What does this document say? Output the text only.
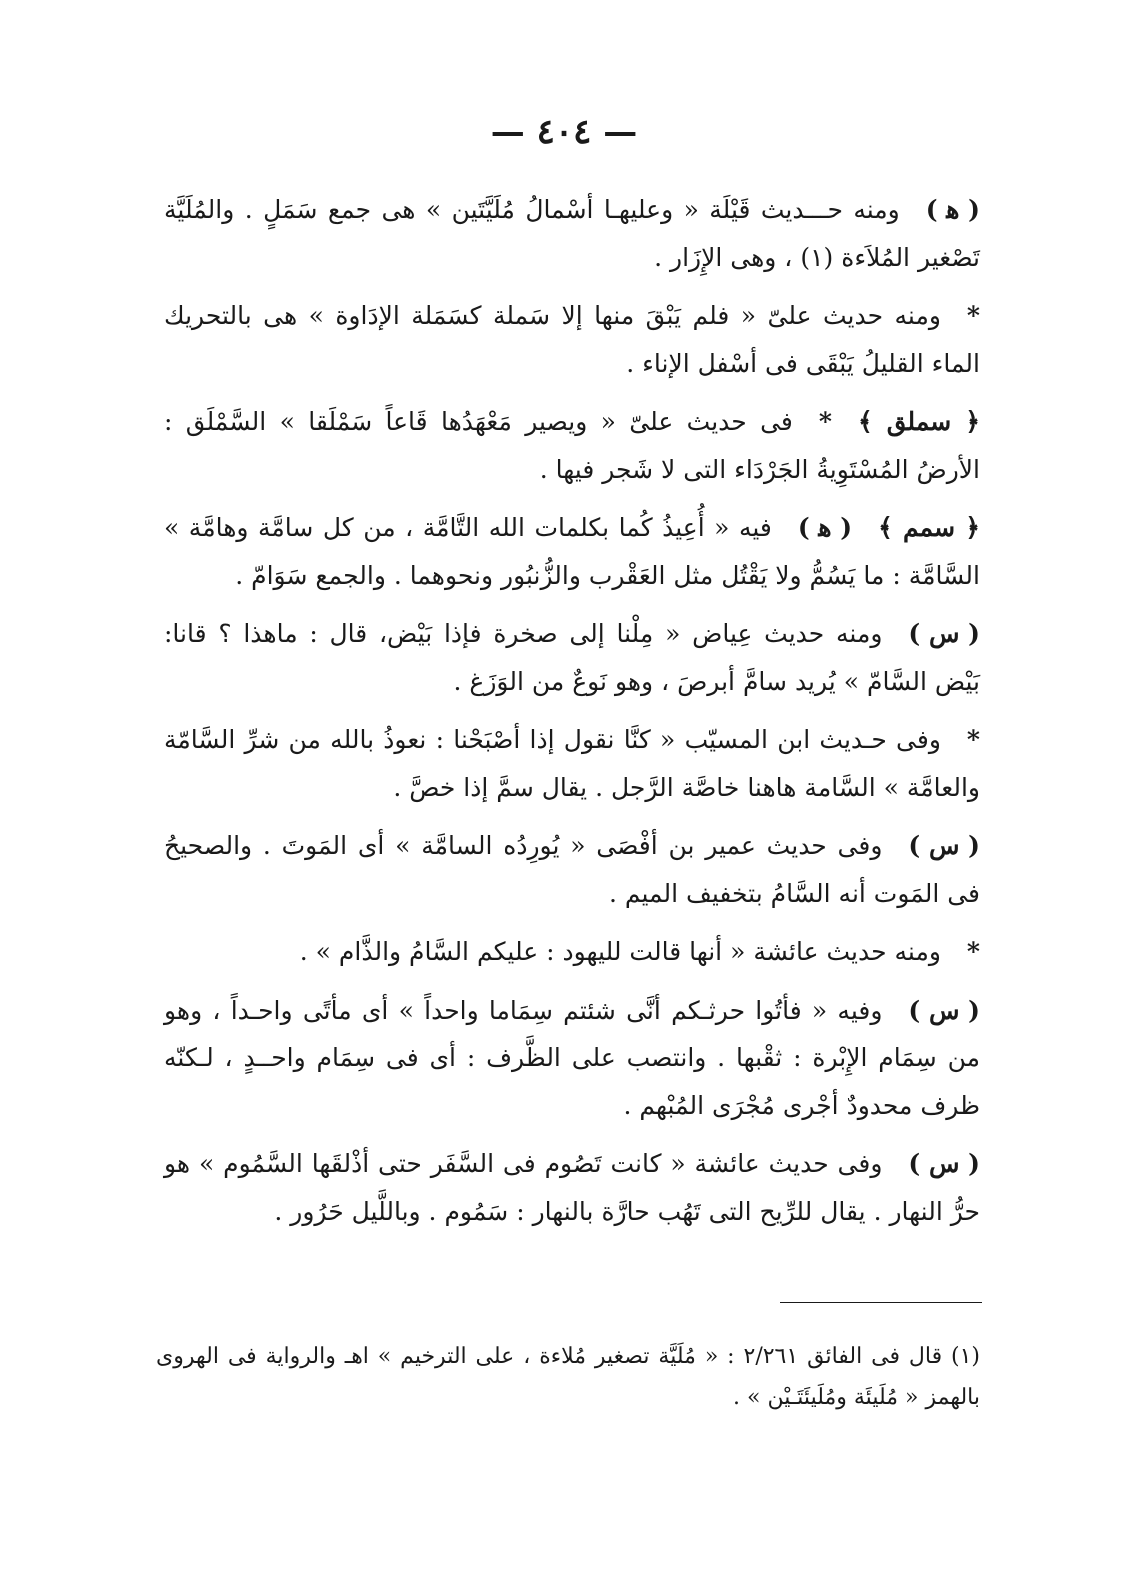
— ٤٠٤ —

( ﻫ )ومنه حـــديث قَيْلَة « وعليهـا أسْمالُ مُلَيَّتَين » هى جمع سَمَلٍ . والمُلَيَّة تَصْغير المُلاَءة (١) ، وهى الإِزَار .

*ومنه حديث علىّ « فلم يَبْقَ منها إلا سَملة كسَمَلة الإدَاوة » هى بالتحريك الماء القليلُ يَبْقَى فى أسْفل الإناء .

﴿ سملق ﴾*فى حديث علىّ « ويصير مَعْهَدُها قَاعاً سَمْلَقا » السَّمْلَق : الأرضُ المُسْتَوِيةُ الجَرْدَاء التى لا شَجر فيها .

﴿ سمم ﴾( ﻫ )فيه « أُعِيذُ كُما بكلمات الله التَّامَّة ، من كل سامَّة وهامَّة » السَّامَّة : ما يَسُمُّ ولا يَقْتُل مثل العَقْرب والزُّنبُور ونحوهما . والجمع سَوَامّ .

( س )ومنه حديث عِياض « مِلْنا إلى صخرة فإذا بَيْض، قال : ماهذا ؟ قانا: بَيْض السَّامّ » يُريد سامَّ أبرصَ ، وهو نَوعٌ من الوَزَغ .

*وفى حـديث ابن المسيّب « كنَّا نقول إذا أصْبَحْنا : نعوذُ بالله من شرِّ السَّامّة والعامَّة » السَّامة هاهنا خاصَّة الرَّجل . يقال سمَّ إذا خصَّ .

( س )وفى حديث عمير بن أفْصَى « يُورِدُه السامَّة » أى المَوتَ . والصحيحُ فى المَوت أنه السَّامُ بتخفيف الميم .

*ومنه حديث عائشة « أنها قالت لليهود : عليكم السَّامُ والذَّام » .

( س )وفيه « فأتُوا حرثـكم أنَّى شئتم سِمَاما واحداً » أى مأتًى واحـداً ، وهو من سِمَام الإِبْرة : ثقْبها . وانتصب على الظَّرف : أى فى سِمَام واحــدٍ ، لـكنّه ظرف محدودٌ أجْرى مُجْرَى المُبْهم .

( س )وفى حديث عائشة « كانت تَصُوم فى السَّفَر حتى أذْلقَها السَّمُوم » هو حرُّ النهار . يقال للرِّيح التى تَهُب حارَّة بالنهار : سَمُوم . وباللَّيل حَرُور .

(١) قال فى الفائق ٢/٢٦١ : « مُلَيَّة تصغير مُلاءة ، على الترخيم » اهـ والرواية فى الهروى بالهمز « مُلَيئَة ومُلَيئَتَـيْن » .
